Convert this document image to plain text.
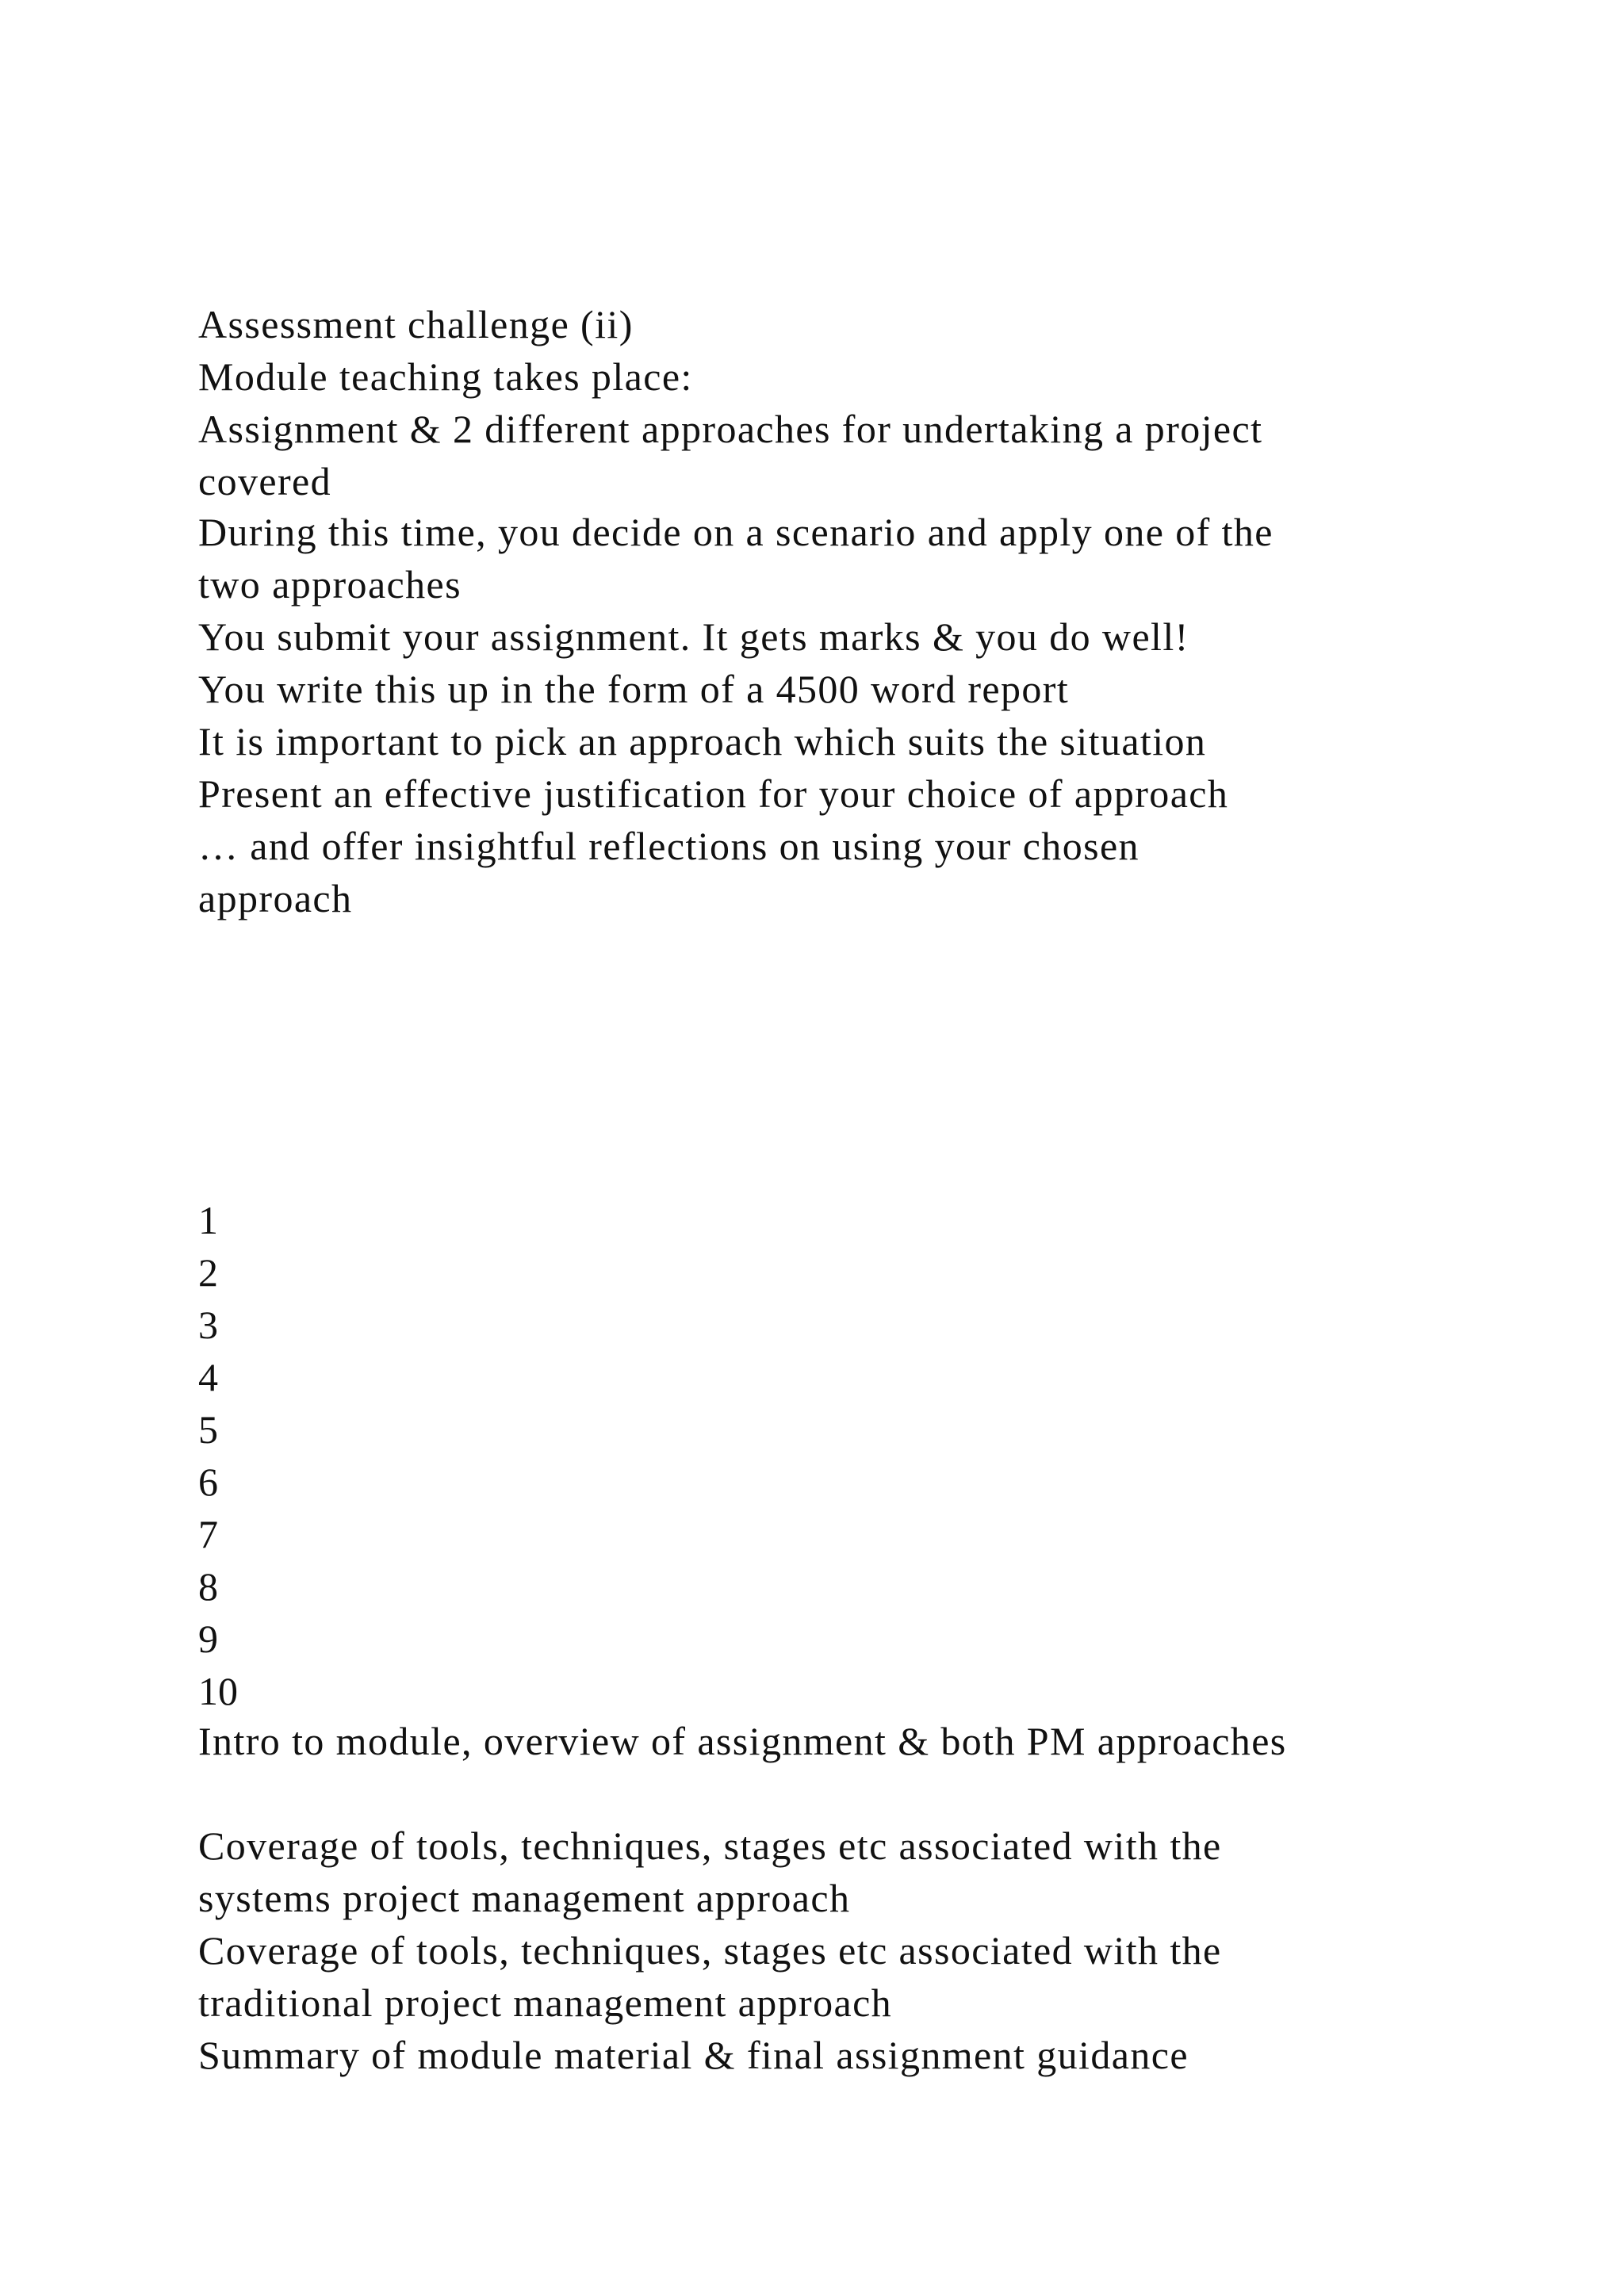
Assessment challenge (ii)
Module teaching takes place:
Assignment & 2 different approaches for undertaking a project
covered
During this time, you decide on a scenario and apply one of the
two approaches
You submit your assignment. It gets marks & you do well!
You write this up in the form of a 4500 word report
It is important to pick an approach which suits the situation
Present an effective justification for your choice of approach
… and offer insightful reflections on using your chosen
approach
1
2
3
4
5
6
7
8
9
10
Intro to module, overview of assignment & both PM approaches
Coverage of tools, techniques, stages etc associated with the
systems project management approach
Coverage of tools, techniques, stages etc associated with the
traditional project management approach
Summary of module material & final assignment guidance
